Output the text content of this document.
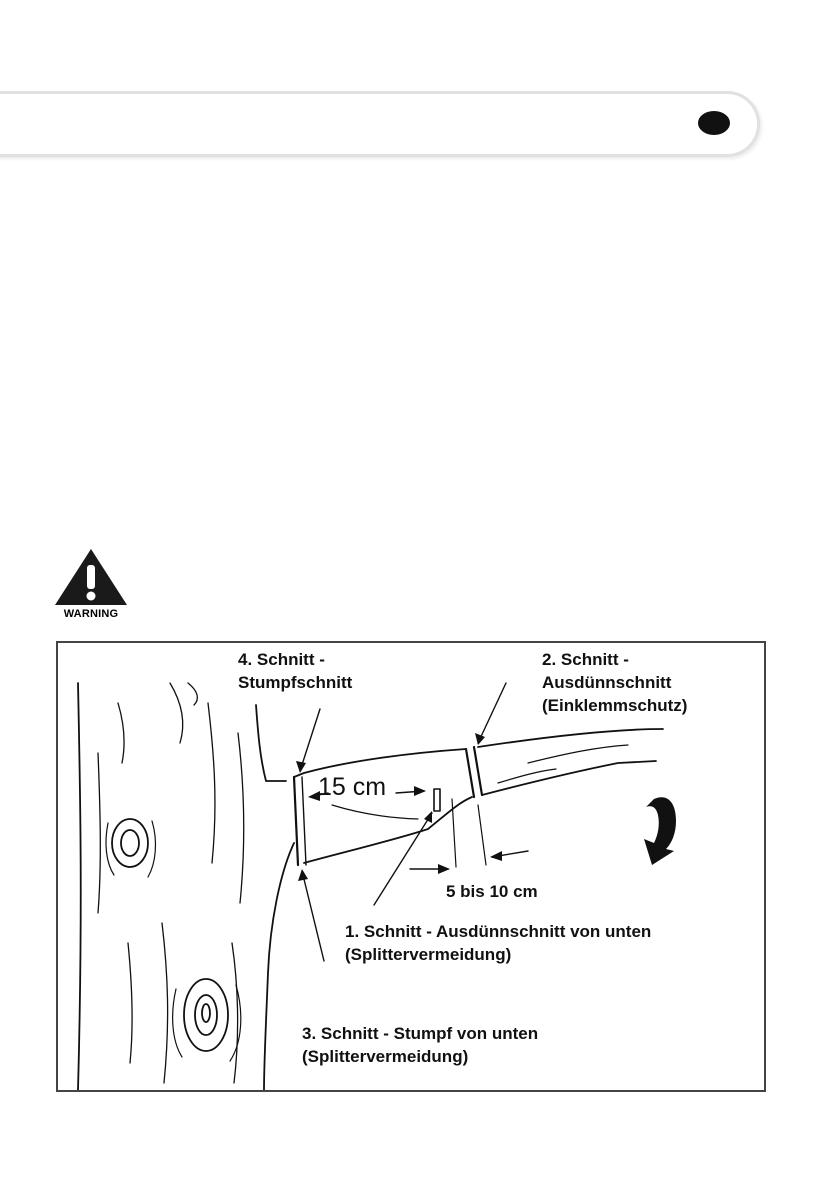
WARNING
4. Schnitt -
Stumpfschnitt
2. Schnitt -
Ausdünnschnitt
(Einklemmschutz)
15 cm
5 bis 10 cm
1. Schnitt - Ausdünnschnitt von unten
(Splittervermeidung)
3. Schnitt - Stumpf von unten
(Splittervermeidung)
